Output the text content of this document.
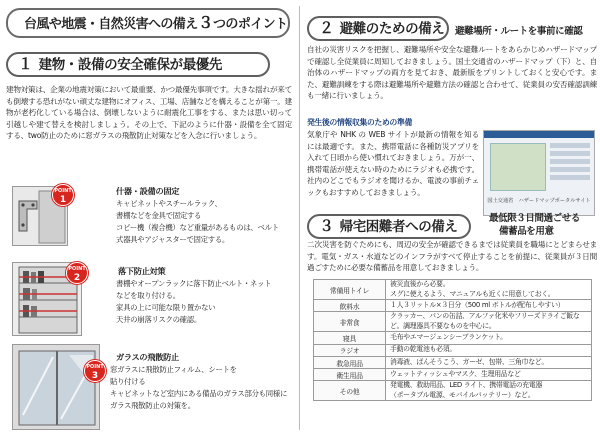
台風や地震・自然災害への備え３つのポイント
１ 建物・設備の安全確保が最優先
建物対策は、企業の地震対策において最重要、かつ最優先事項です。大きな揺れが来ても倒壊する恐れがない頑丈な建物にオフィス、工場、店舗などを構えることが第一。建物が老朽化している場合は、倒壊しないように耐震化工事をする、または思い切って引越しや建て替えを検討しましょう。その上で、下記のように什器・設備を全て固定する、two防止のために窓ガラスの飛散防止対策などを入念に行いましょう。
POINT
1
什器・設備の固定
キャビネットやスチールラック、
書棚などを金具で固定する
コピー機（複合機）など重量があるものは、ベルト
式器具やアジャスターで固定する。
POINT
2
落下防止対策
書棚やオープンラックに落下防止ベルト・ネット
などを取り付ける。
家具の上に可能な限り置かない
天井の崩落リスクの確認。
POINT
3
ガラスの飛散防止
窓ガラスに飛散防止フィルム、シートを
貼り付ける
キャビネットなど室内にある備品のガラス部分も同様に
ガラス飛散防止の対策を。
２ 避難のための備え	避難場所・ルートを事前に確認
自社の災害リスクを把握し、避難場所や安全な避難ルートをあらかじめハザードマップで確認し全従業員に周知しておきましょう。国土交通省のハザードマップ（下）と、自治体のハザードマップの両方を見ておき、最新版をプリントしておくと安心です。また、避難訓練をする際は避難場所や避難方法の確認と合わせて、従業員の安否確認訓練も一緒に行いましょう。
発生後の情報収集のための準備
気象庁や NHK の WEB サイトが最新の情報を知るには最適です。また、携帯電話に各種防災アプリを入れて日頃から使い慣れておきましょう。万が一、携帯電話が使えない時のためにラジオも必携です。社内のどこでもラジオを聞けるか、電波の事前チェックもおすすめしておきましょう。
国土交通省　ハザードマップポータルサイト
３ 帰宅困難者への備え
最低限３日間過ごせる
備蓄品を用意
二次災害を防ぐためにも、周辺の安全が確認できるまでは従業員を職場にとどまらせます。電気・ガス・水道などのインフラがすべて停止することを前提に、従業員が３日間過ごすために必要な備蓄品を用意しておきましょう。
常備用トイレ	被災直後から必要。
スグに使えるよう、マニュアルも近くに用意しておく。
飲料水	１人３リットル×３日分（500 ml ボトルが配布しやすい）
非常食	クラッカー、パンの缶詰、アルファ化米やフリーズドライご飯など。調理器具不要なものを中心に。
寝具	毛布やエマージェンシーブランケット。
ラジオ	手動の乾電池も必須。
救急用品	消毒液、ばんそうこう、ガーゼ、包帯、三角巾など。
衛生用品	ウェットティッシュやマスク、生理用品など
その他	発電機、救助用品、LED ライト、携帯電話の充電器
（ポータブル電源、モバイルバッテリー）など。
